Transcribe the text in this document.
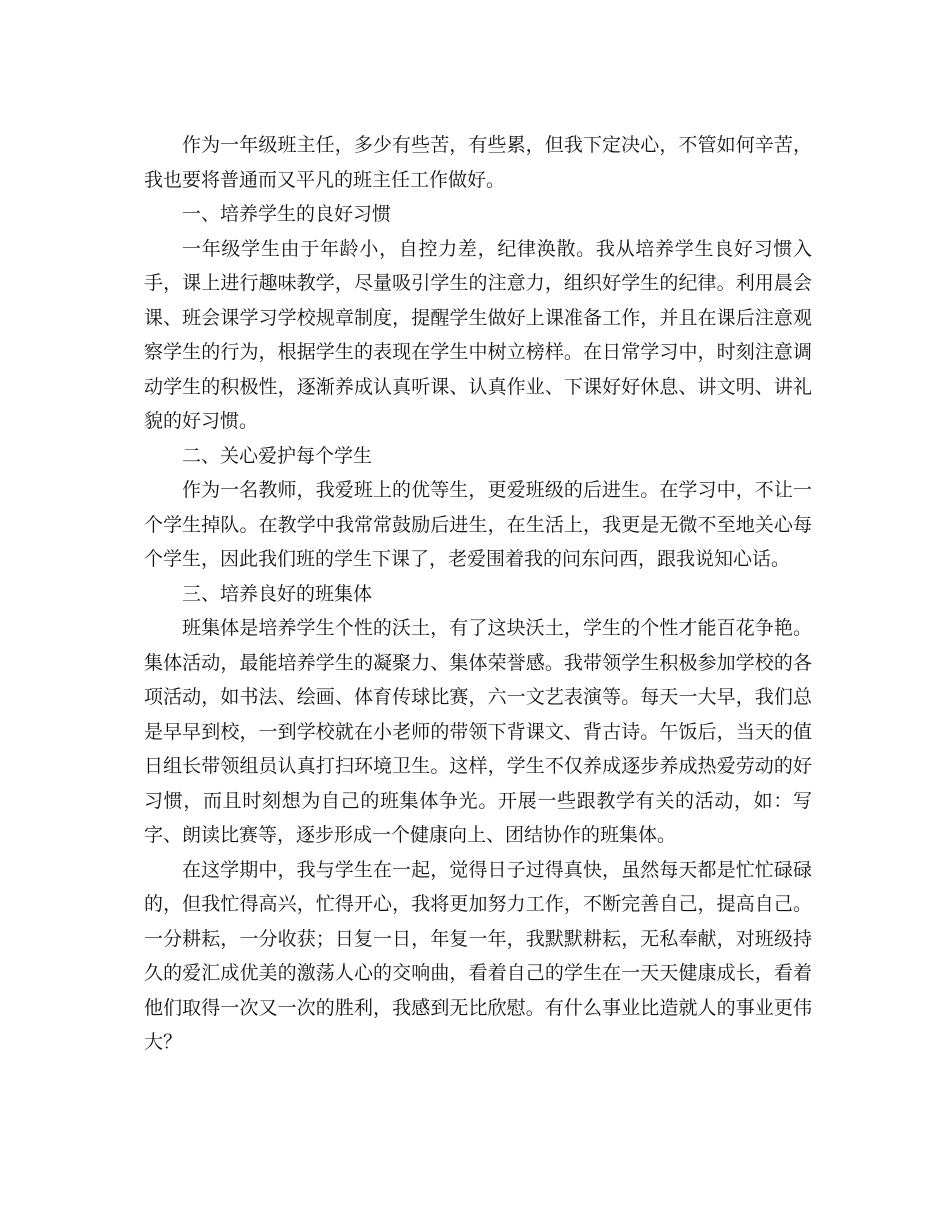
作为一年级班主任，多少有些苦，有些累，但我下定决心，不管如何辛苦，我也要将普通而又平凡的班主任工作做好。

一、培养学生的良好习惯

一年级学生由于年龄小，自控力差，纪律涣散。我从培养学生良好习惯入手，课上进行趣味教学，尽量吸引学生的注意力，组织好学生的纪律。利用晨会课、班会课学习学校规章制度，提醒学生做好上课准备工作，并且在课后注意观察学生的行为，根据学生的表现在学生中树立榜样。在日常学习中，时刻注意调动学生的积极性，逐渐养成认真听课、认真作业、下课好好休息、讲文明、讲礼貌的好习惯。

二、关心爱护每个学生

作为一名教师，我爱班上的优等生，更爱班级的后进生。在学习中，不让一个学生掉队。在教学中我常常鼓励后进生，在生活上，我更是无微不至地关心每个学生，因此我们班的学生下课了，老爱围着我的问东问西，跟我说知心话。

三、培养良好的班集体

班集体是培养学生个性的沃土，有了这块沃土，学生的个性才能百花争艳。集体活动，最能培养学生的凝聚力、集体荣誉感。我带领学生积极参加学校的各项活动，如书法、绘画、体育传球比赛，六一文艺表演等。每天一大早，我们总是早早到校，一到学校就在小老师的带领下背课文、背古诗。午饭后，当天的值日组长带领组员认真打扫环境卫生。这样，学生不仅养成逐步养成热爱劳动的好习惯，而且时刻想为自己的班集体争光。开展一些跟教学有关的活动，如：写字、朗读比赛等，逐步形成一个健康向上、团结协作的班集体。

在这学期中，我与学生在一起，觉得日子过得真快，虽然每天都是忙忙碌碌的，但我忙得高兴，忙得开心，我将更加努力工作，不断完善自己，提高自己。一分耕耘，一分收获；日复一日，年复一年，我默默耕耘，无私奉献，对班级持久的爱汇成优美的激荡人心的交响曲，看着自己的学生在一天天健康成长，看着他们取得一次又一次的胜利，我感到无比欣慰。有什么事业比造就人的事业更伟大？
